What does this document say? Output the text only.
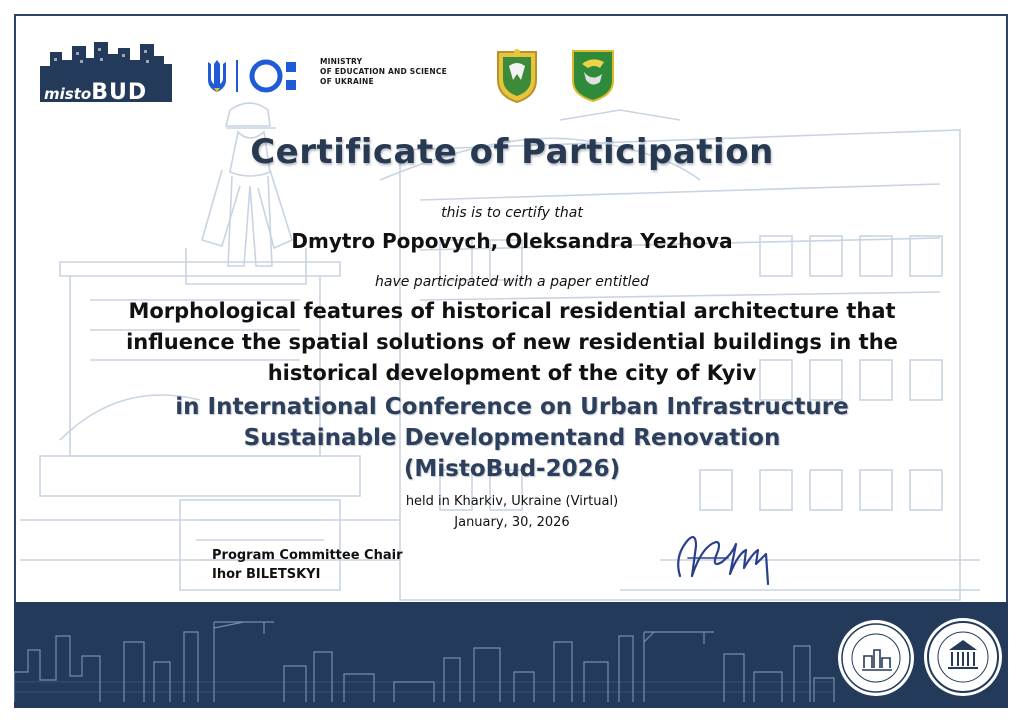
mistoBUD
MINISTRY
OF EDUCATION AND SCIENCE
OF UKRAINE
Certificate of Participation
this is to certify that
Dmytro Popovych, Oleksandra Yezhova
have participated with a paper entitled
Morphological features of historical residential architecture that
influence the spatial solutions of new residential buildings in the
historical development of the city of Kyiv
in International Conference on Urban Infrastructure
Sustainable Developmentand Renovation
(MistoBud-2026)
held in Kharkiv, Ukraine (Virtual)
January, 30, 2026
Program Committee Chair
Ihor BILETSKYI
